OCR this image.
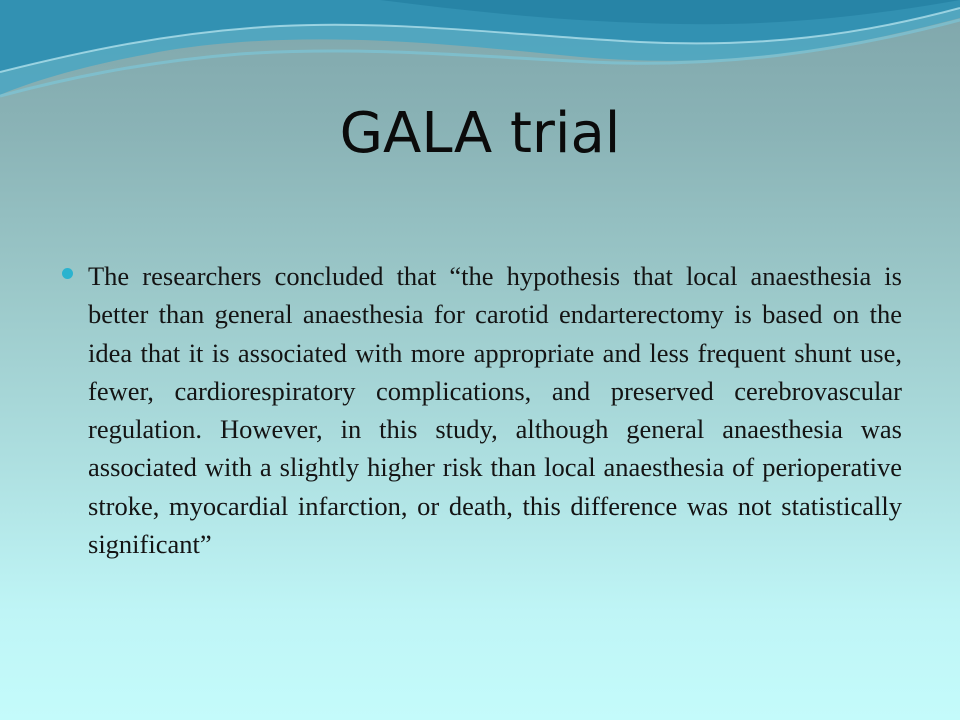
GALA trial
The researchers concluded that “the hypothesis that local anaesthesia is better than general anaesthesia for carotid endarterectomy is based on the idea that it is associated with more appropriate and less frequent shunt use, fewer, cardiorespiratory complications, and preserved cerebrovascular regulation. However, in this study, although general anaesthesia was associated with a slightly higher risk than local anaesthesia of perioperative stroke, myocardial infarction, or death, this difference was not statistically significant”
